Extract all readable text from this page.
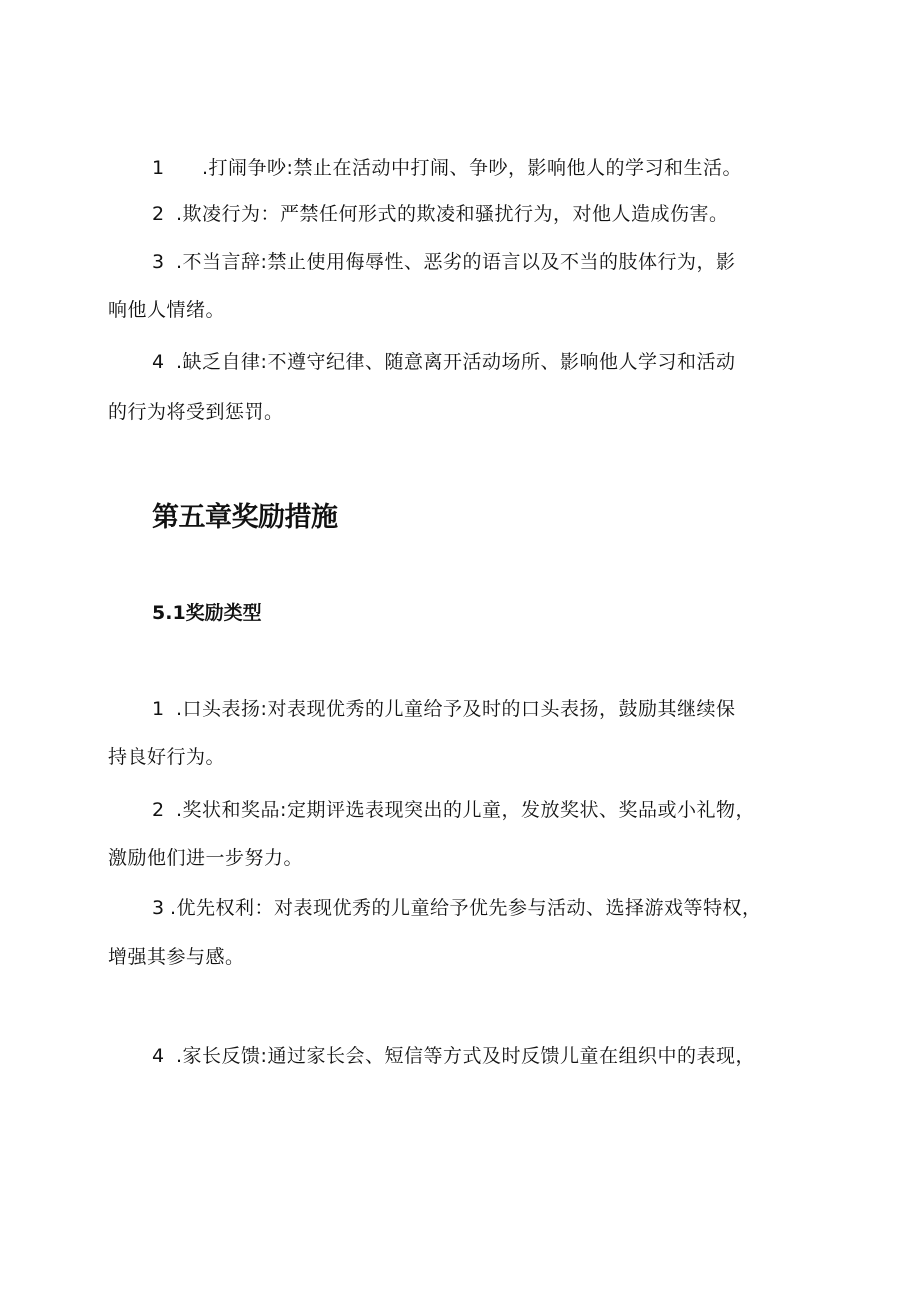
1 .打闹争吵:禁止在活动中打闹、争吵，影响他人的学习和生活。
2 .欺凌行为：严禁任何形式的欺凌和骚扰行为，对他人造成伤害。
3 .不当言辞:禁止使用侮辱性、恶劣的语言以及不当的肢体行为，影
响他人情绪。
4 .缺乏自律:不遵守纪律、随意离开活动场所、影响他人学习和活动
的行为将受到惩罚。
第五章奖励措施
5.1奖励类型
1 .口头表扬:对表现优秀的儿童给予及时的口头表扬，鼓励其继续保
持良好行为。
2 .奖状和奖品:定期评选表现突出的儿童，发放奖状、奖品或小礼物，
激励他们进一步努力。
3 .优先权利：对表现优秀的儿童给予优先参与活动、选择游戏等特权，
增强其参与感。
4 .家长反馈:通过家长会、短信等方式及时反馈儿童在组织中的表现，
